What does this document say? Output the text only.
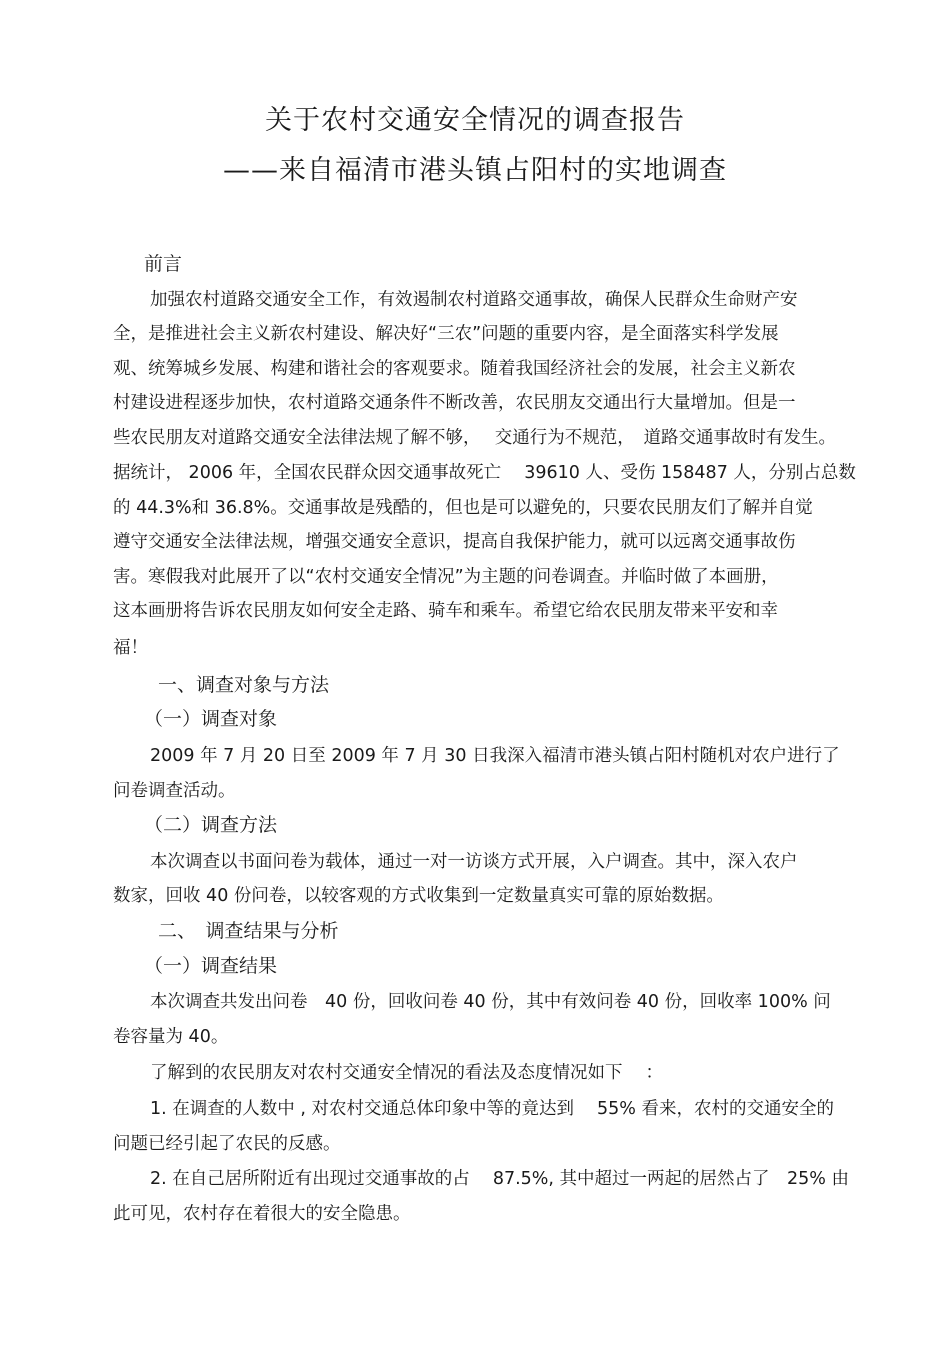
关于农村交通安全情况的调查报告
——来自福清市港头镇占阳村的实地调查
前言
加强农村道路交通安全工作，有效遏制农村道路交通事故，确保人民群众生命财产安
全，是推进社会主义新农村建设、解决好“三农”问题的重要内容，是全面落实科学发展
观、统筹城乡发展、构建和谐社会的客观要求。随着我国经济社会的发展，社会主义新农
村建设进程逐步加快，农村道路交通条件不断改善，农民朋友交通出行大量增加。但是一
些农民朋友对道路交通安全法律法规了解不够，　 交通行为不规范，　道路交通事故时有发生。
据统计， 2006 年，全国农民群众因交通事故死亡　 39610 人、受伤 158487 人，分别占总数
的 44.3%和 36.8%。交通事故是残酷的，但也是可以避免的，只要农民朋友们了解并自觉
遵守交通安全法律法规，增强交通安全意识，提高自我保护能力，就可以远离交通事故伤
害。寒假我对此展开了以“农村交通安全情况”为主题的问卷调查。并临时做了本画册，
这本画册将告诉农民朋友如何安全走路、骑车和乘车。希望它给农民朋友带来平安和幸
福！
一、调查对象与方法
（一）调查对象
2009 年 7 月 20 日至 2009 年 7 月 30 日我深入福清市港头镇占阳村随机对农户进行了
问卷调查活动。
（二）调查方法
本次调查以书面问卷为载体，通过一对一访谈方式开展，入户调查。其中，深入农户
数家，回收 40 份问卷，以较客观的方式收集到一定数量真实可靠的原始数据。
二、　调查结果与分析
（一）调查结果
本次调查共发出问卷　40 份，回收问卷 40 份，其中有效问卷 40 份，回收率 100% 问
卷容量为 40。
了解到的农民朋友对农村交通安全情况的看法及态度情况如下　 ：
1. 在调查的人数中 , 对农村交通总体印象中等的竟达到　 55% 看来，农村的交通安全的
问题已经引起了农民的反感。
2. 在自己居所附近有出现过交通事故的占　 87.5%, 其中超过一两起的居然占了　25% 由
此可见，农村存在着很大的安全隐患。
